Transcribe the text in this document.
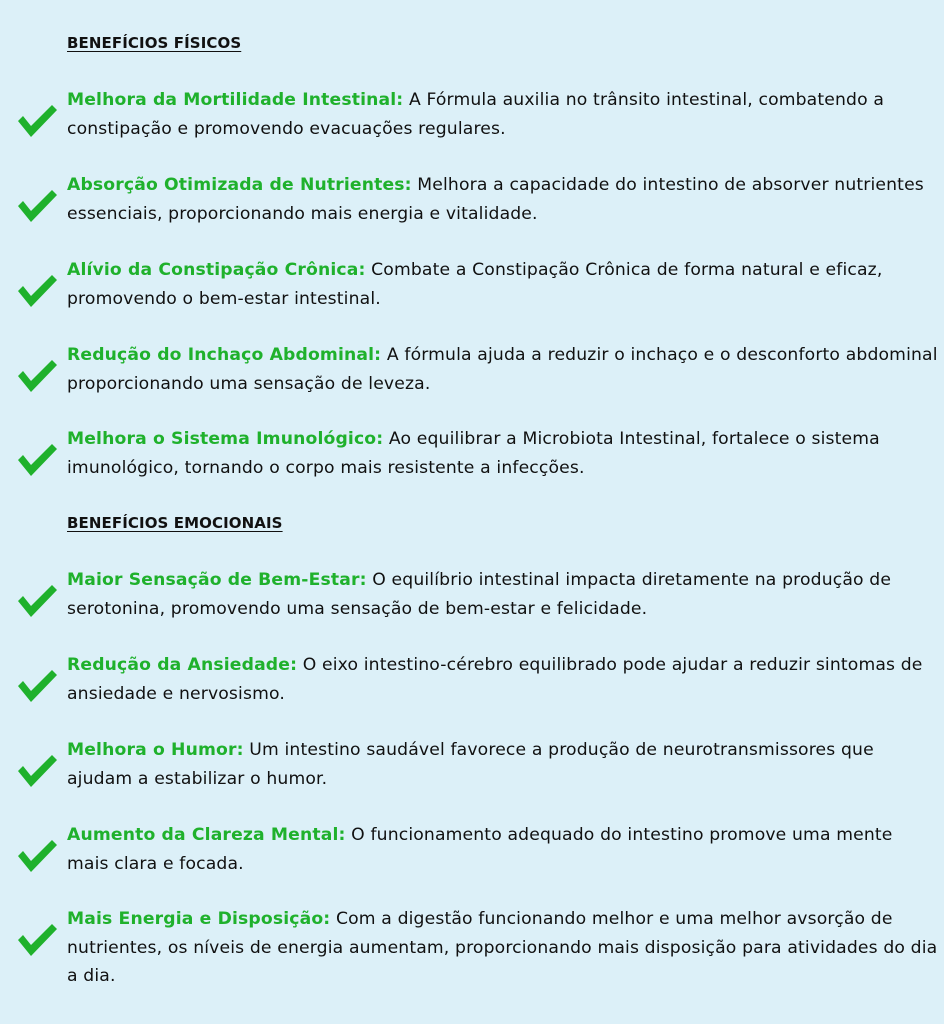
BENEFÍCIOS FÍSICOS
Melhora da Mortilidade Intestinal: A Fórmula auxilia no trânsito intestinal, combatendo a constipação e promovendo evacuações regulares.
Absorção Otimizada de Nutrientes: Melhora a capacidade do intestino de absorver nutrientes essenciais, proporcionando mais energia e vitalidade.
Alívio da Constipação Crônica: Combate a Constipação Crônica de forma natural e eficaz, promovendo o bem-estar intestinal.
Redução do Inchaço Abdominal: A fórmula ajuda a reduzir o inchaço e o desconforto abdominal proporcionando uma sensação de leveza.
Melhora o Sistema Imunológico: Ao equilibrar a Microbiota Intestinal, fortalece o sistema imunológico, tornando o corpo mais resistente a infecções.
BENEFÍCIOS EMOCIONAIS
Maior Sensação de Bem-Estar: O equilíbrio intestinal impacta diretamente na produção de serotonina, promovendo uma sensação de bem-estar e felicidade.
Redução da Ansiedade: O eixo intestino-cérebro equilibrado pode ajudar a reduzir sintomas de ansiedade e nervosismo.
Melhora o Humor: Um intestino saudável favorece a produção de neurotransmissores que ajudam a estabilizar o humor.
Aumento da Clareza Mental: O funcionamento adequado do intestino promove uma mente mais clara e focada.
Mais Energia e Disposição: Com a digestão funcionando melhor e uma melhor avsorção de nutrientes, os níveis de energia aumentam, proporcionando mais disposição para atividades do dia a dia.
